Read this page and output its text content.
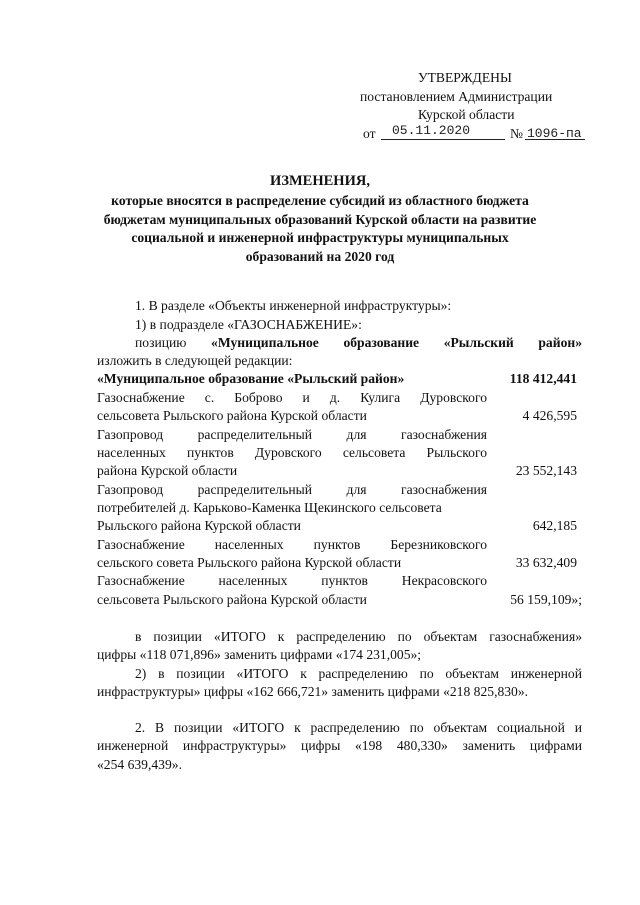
УТВЕРЖДЕНЫ
постановлением Администрации
Курской области
от 05.11.2020	№ 1096-па
ИЗМЕНЕНИЯ,
которые вносятся в распределение субсидий из областного бюджета
бюджетам муниципальных образований Курской области на развитие
социальной и инженерной инфраструктуры муниципальных
образований на 2020 год
1. В разделе «Объекты инженерной инфраструктуры»:
1) в подразделе «ГАЗОСНАБЖЕНИЕ»:
позицию «Муниципальное образование «Рыльский район»
изложить в следующей редакции:
«Муниципальное образование «Рыльский район»	118 412,441
Газоснабжение с. Боброво и д. Кулига Дуровского
сельсовета Рыльского района Курской области	4 426,595
Газопровод распределительный для газоснабжения
населенных пунктов Дуровского сельсовета Рыльского
района Курской области	23 552,143
Газопровод распределительный для газоснабжения
потребителей д. Карьково-Каменка Щекинского сельсовета
Рыльского района Курской области	642,185
Газоснабжение населенных пунктов Березниковского
сельского совета Рыльского района Курской области	33 632,409
Газоснабжение населенных пунктов Некрасовского
сельсовета Рыльского района Курской области	56 159,109»;
в позиции «ИТОГО к распределению по объектам газоснабжения»
цифры «118 071,896» заменить цифрами «174 231,005»;
2) в позиции «ИТОГО к распределению по объектам инженерной
инфраструктуры» цифры «162 666,721» заменить цифрами «218 825,830».
2. В позиции «ИТОГО к распределению по объектам социальной и
инженерной инфраструктуры» цифры «198 480,330» заменить цифрами
«254 639,439».
